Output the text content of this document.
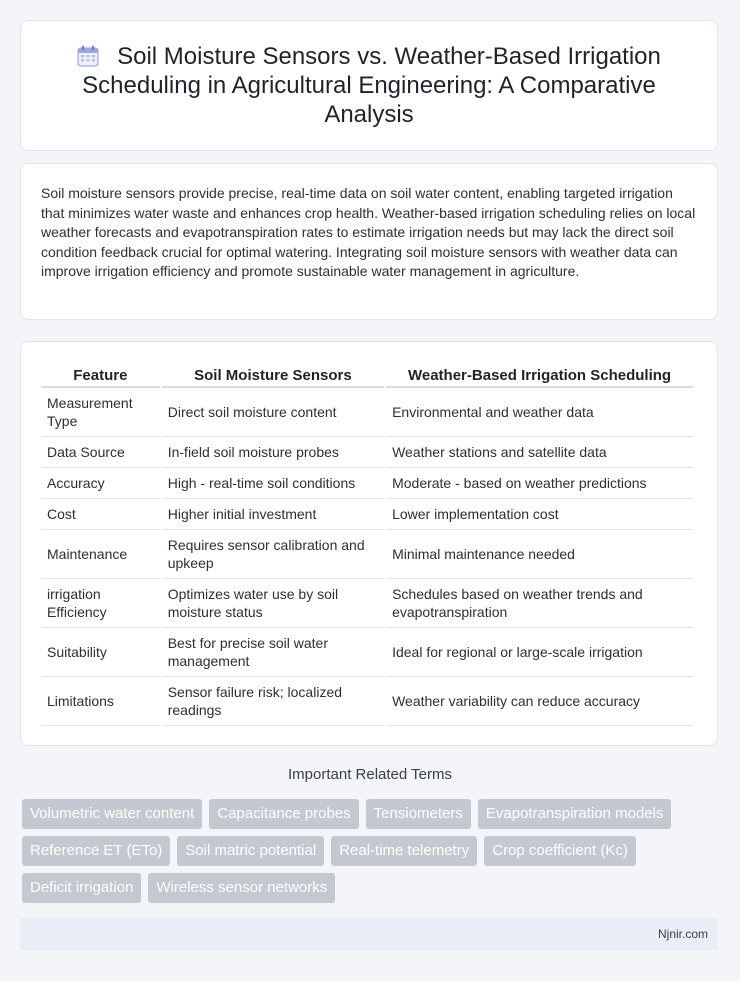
Soil Moisture Sensors vs. Weather-Based Irrigation Scheduling in Agricultural Engineering: A Comparative Analysis

Soil moisture sensors provide precise, real-time data on soil water content, enabling targeted irrigation that minimizes water waste and enhances crop health. Weather-based irrigation scheduling relies on local weather forecasts and evapotranspiration rates to estimate irrigation needs but may lack the direct soil condition feedback crucial for optimal watering. Integrating soil moisture sensors with weather data can improve irrigation efficiency and promote sustainable water management in agriculture.

Feature	Soil Moisture Sensors	Weather-Based Irrigation Scheduling
Measurement Type	Direct soil moisture content	Environmental and weather data
Data Source	In-field soil moisture probes	Weather stations and satellite data
Accuracy	High - real-time soil conditions	Moderate - based on weather predictions
Cost	Higher initial investment	Lower implementation cost
Maintenance	Requires sensor calibration and upkeep	Minimal maintenance needed
irrigation Efficiency	Optimizes water use by soil moisture status	Schedules based on weather trends and evapotranspiration
Suitability	Best for precise soil water management	Ideal for regional or large-scale irrigation
Limitations	Sensor failure risk; localized readings	Weather variability can reduce accuracy
Important Related Terms
Volumetric water content	Capacitance probes	Tensiometers	Evapotranspiration models
Reference ET (ETo)	Soil matric potential	Real-time telemetry	Crop coefficient (Kc)
Deficit irrigation	Wireless sensor networks
Njnir.com
